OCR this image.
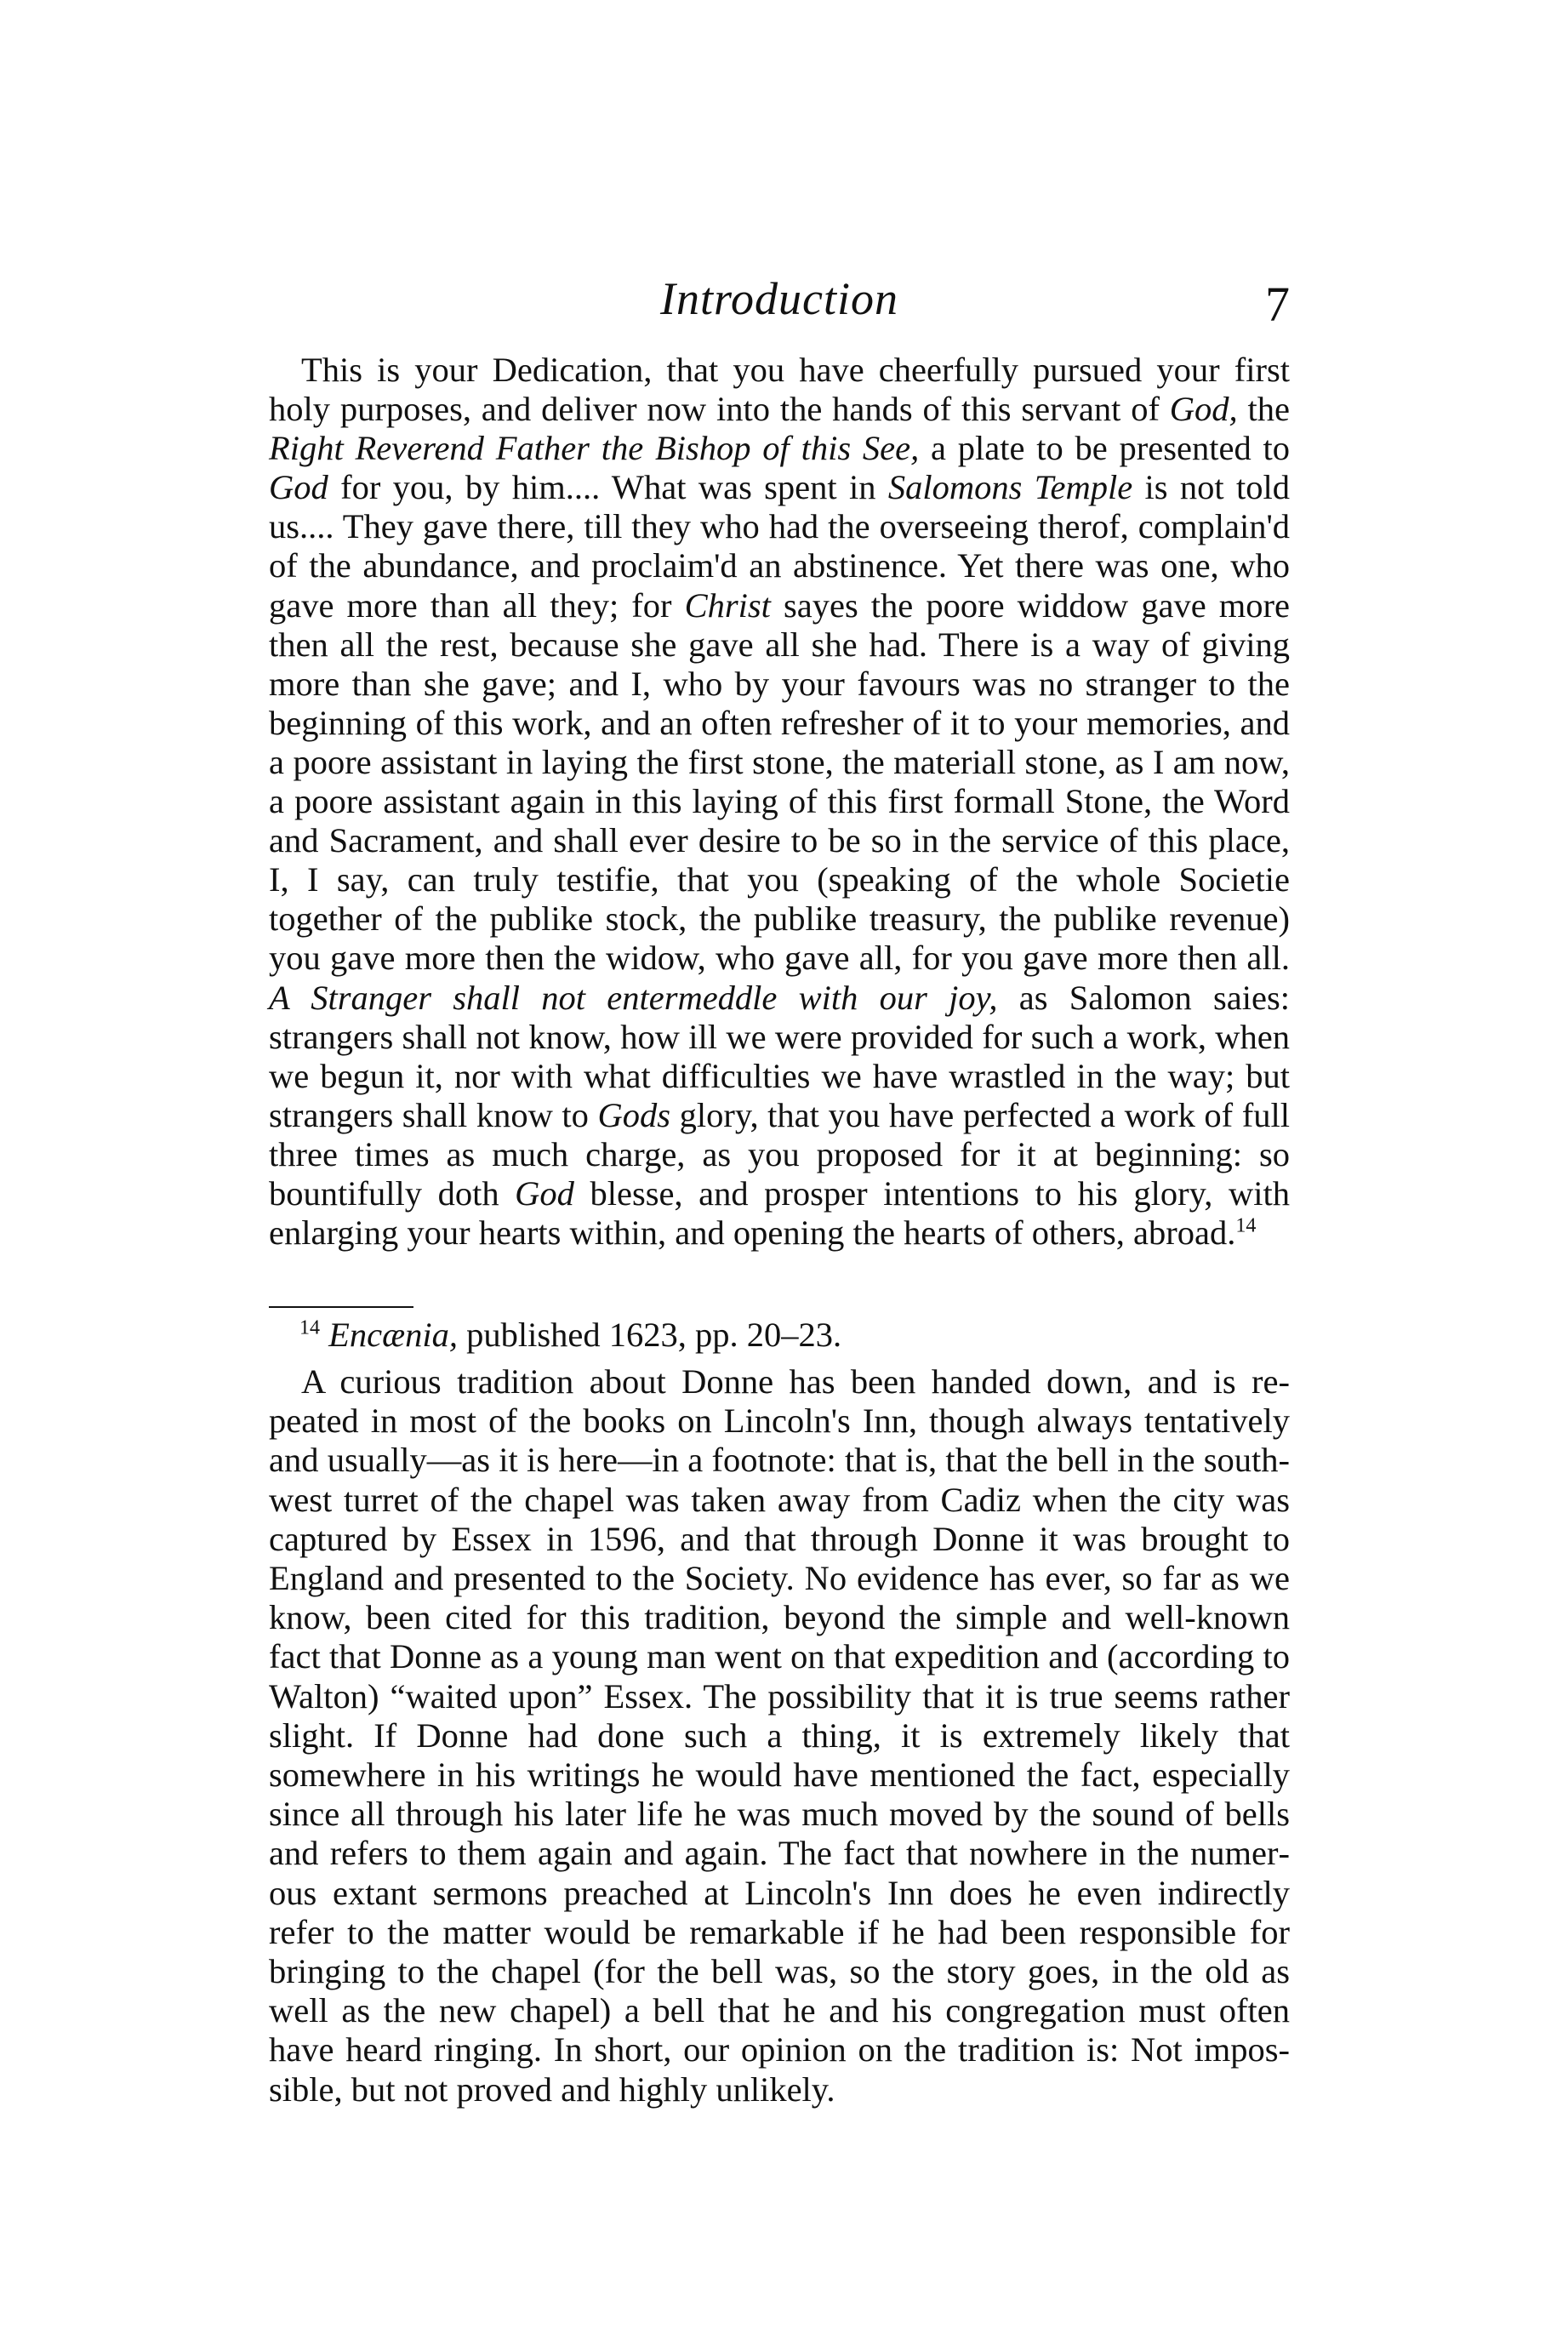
Introduction	7

This is your Dedication, that you have cheerfully pursued your first holy purposes, and deliver now into the hands of this servant of God, the Right Reverend Father the Bishop of this See, a plate to be presented to God for you, by him.... What was spent in Salomons Temple is not told us.... They gave there, till they who had the overseeing therof, complain'd of the abundance, and proclaim'd an abstinence. Yet there was one, who gave more than all they; for Christ sayes the poore widdow gave more then all the rest, because she gave all she had. There is a way of giving more than she gave; and I, who by your favours was no stranger to the beginning of this work, and an often refresher of it to your memories, and a poore assistant in laying the first stone, the materiall stone, as I am now, a poore assistant again in this laying of this first formall Stone, the Word and Sacrament, and shall ever desire to be so in the service of this place, I, I say, can truly testifie, that you (speaking of the whole Societie together of the publike stock, the publike treasury, the publike revenue) you gave more then the widow, who gave all, for you gave more then all. A Stranger shall not entermeddle with our joy, as Salomon saies: strangers shall not know, how ill we were provided for such a work, when we begun it, nor with what difficulties we have wrastled in the way; but strangers shall know to Gods glory, that you have perfected a work of full three times as much charge, as you proposed for it at beginning: so bountifully doth God blesse, and prosper intentions to his glory, with enlarging your hearts within, and opening the hearts of others, abroad.$^{14}$

$^{14}$ Encænia, published 1623, pp. 20–23.

A curious tradition about Donne has been handed down, and is repeated in most of the books on Lincoln's Inn, though always tentatively and usually—as it is here—in a footnote: that is, that the bell in the southwest turret of the chapel was taken away from Cadiz when the city was captured by Essex in 1596, and that through Donne it was brought to England and presented to the Society. No evidence has ever, so far as we know, been cited for this tradition, beyond the simple and well-known fact that Donne as a young man went on that expedition and (according to Walton) “waited upon” Essex. The possibility that it is true seems rather slight. If Donne had done such a thing, it is extremely likely that somewhere in his writings he would have mentioned the fact, especially since all through his later life he was much moved by the sound of bells and refers to them again and again. The fact that nowhere in the numerous extant sermons preached at Lincoln's Inn does he even indirectly refer to the matter would be remarkable if he had been responsible for bringing to the chapel (for the bell was, so the story goes, in the old as well as the new chapel) a bell that he and his congregation must often have heard ringing. In short, our opinion on the tradition is: Not impossible, but not proved and highly unlikely.
